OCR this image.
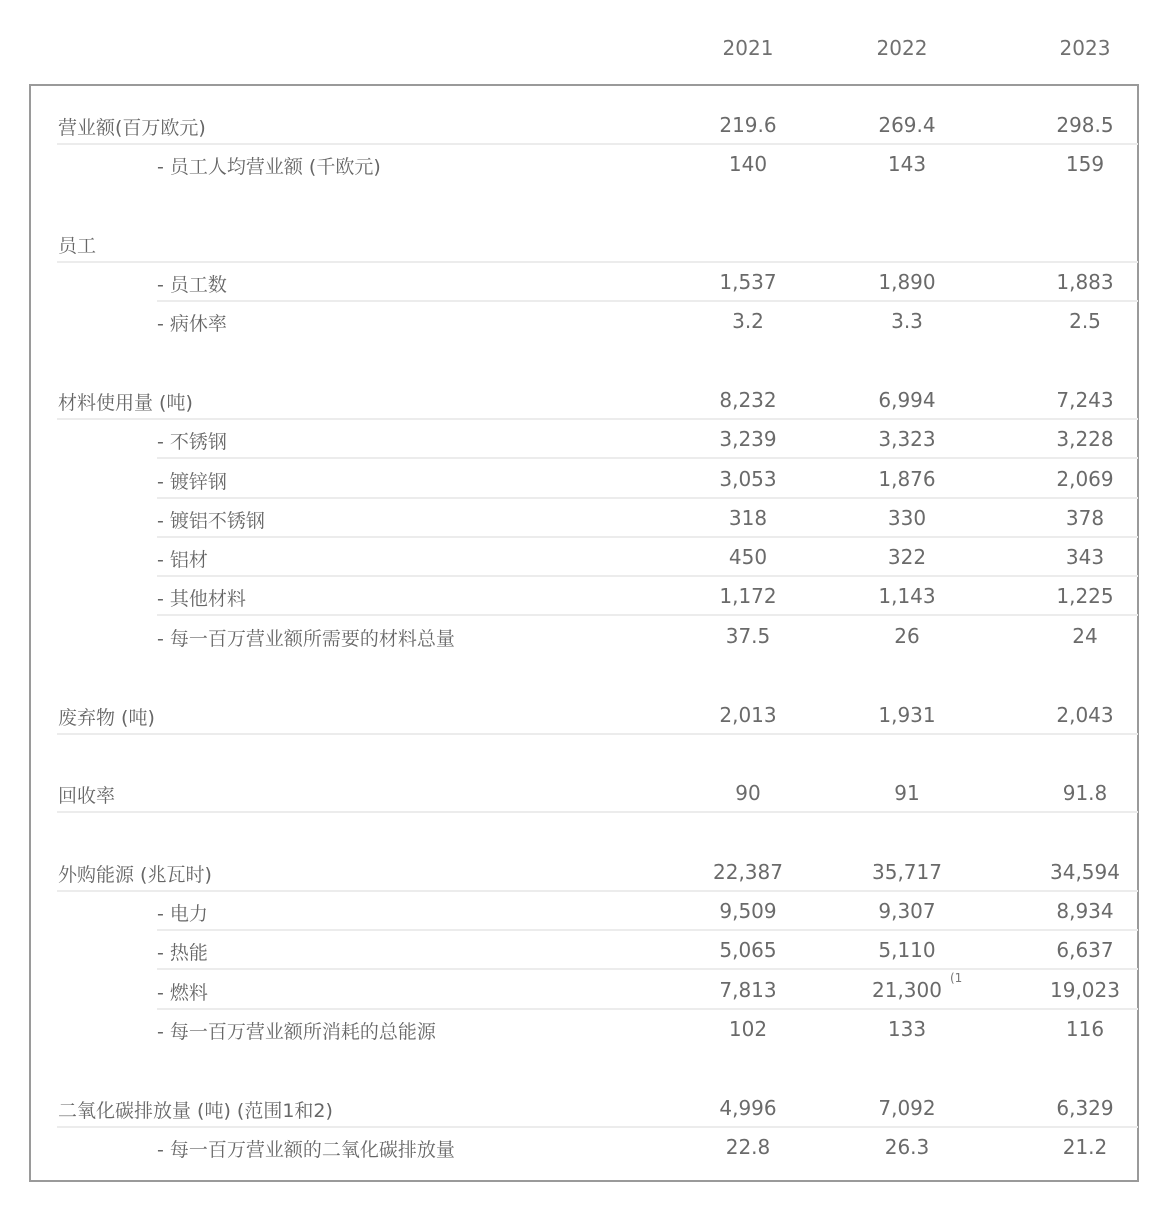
2021	2022	2023
营业额(百万欧元)	219.6	269.4	298.5
- 员工人均营业额 (千欧元)	140	143	159
员工
- 员工数	1,537	1,890	1,883
- 病休率	3.2	3.3	2.5
材料使用量 (吨)	8,232	6,994	7,243
- 不锈钢	3,239	3,323	3,228
- 镀锌钢	3,053	1,876	2,069
- 镀铝不锈钢	318	330	378
- 铝材	450	322	343
- 其他材料	1,172	1,143	1,225
- 每一百万营业额所需要的材料总量	37.5	26	24
废弃物 (吨)	2,013	1,931	2,043
回收率	90	91	91.8
外购能源 (兆瓦时)	22,387	35,717	34,594
- 电力	9,509	9,307	8,934
- 热能	5,065	5,110	6,637
- 燃料	7,813	21,300 (1	19,023
- 每一百万营业额所消耗的总能源	102	133	116
二氧化碳排放量 (吨) (范围1和2)	4,996	7,092	6,329
- 每一百万营业额的二氧化碳排放量	22.8	26.3	21.2
